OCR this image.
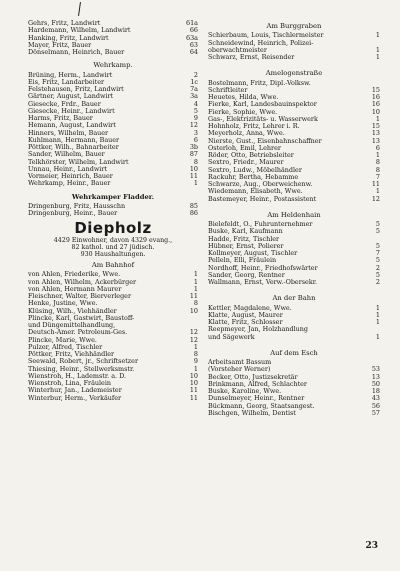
Gehrs, Fritz, Landwirt	61a
Hardemann, Wilhelm, Landwirt	66
Hanking, Fritz, Landwirt	63a
Mayer, Fritz, Bauer	63
Dönselmann, Heinrich, Bauer	64
Wehrkamp.
Brüning, Herm., Landwirt	2
Eis, Fritz, Landarbeiter	1c
Felstehausen, Fritz, Landwirt	7a
Gärtner, August, Landwirt	3a
Giesecke, Frdr., Bauer	4
Giesecke, Heinr., Landwirt	5
Harms, Fritz, Bauer	9
Hemann, August, Landwirt	12
Hinners, Wilhelm, Bauer	3
Kuhlmann, Hermann, Bauer	6
Pöttker, Wilh., Bahnarbeiter	3b
Sander, Wilhelm, Bauer	87
Telkhörster, Wilhelm, Landwirt	8
Unnau, Heinr., Landwirt	10
Vormeier, Heinrich, Bauer	11
Wehrkamp, Heinr., Bauer	1
Wehrkamper Fladder.
Dringenburg, Fritz, Hausschn	85
Dringenburg, Heinr., Bauer	86
Diepholz
4429 Einwohner, davon 4329 evang.,
82 kathol. und 27 jüdisch.
930 Haushaltungen.
Am Bahnhof
von Ahlen, Friederike, Wwe.	1
von Ahlen, Wilhelm, Ackerbürger	1
von Ahlen, Hermann Maurer	1
Fleischner, Walter, Bierverleger	11
Henke, Justine, Wwe.	8
Klüsing, Wilh., Viehhändler	10
Plincke, Karl, Gastwirt, Baustoff-
und Düngemittelhandlung,
Deutsch-Amer. Petroleum-Ges.	12
Plincke, Marie, Wwe.	12
Pulzer, Alfred, Tischler	1
Pöttker, Fritz, Viehhändler	8
Seewald, Robert, jr., Schriftsetzer	9
Thiesing, Heinr., Stellwerksmstr.	1
Wienstroh, H., Lademstr. a. D.	10
Wienstroh, Lina, Fräulein	10
Winterhur, Jan., Lademeister	11
Winterbur, Herm., Verkäufer	11
Am Burggraben
Schierbaum, Louis, Tischlermeister	1
Schneidewind, Heinrich, Polizei-
oberwachtmeister	1
Schwarz, Ernst, Reisender	1
Amelogenstraße
Bostelmann, Fritz, Dipl.-Volksw.
Schriftleiter	15
Heuetes, Hilda, Wwe.	16
Fierke, Karl, Landesbauinspektor	16
Fierke, Sophie, Wwe.	10
Gas-, Elektrizitäts- u. Wasserwerk	1
Hohnholz, Fritz, Lehrer i. R.	15
Meyerholz, Anna, Wwe.	13
Nierste, Gust., Eisenbahnschaffner	13
Osterloh, Emil, Lehrer	6
Röder, Otto, Betriebsleiter	1
Sextro, Friedr., Maurer	8
Sextro, Ludw., Möbelhändler	8
Rackuhr, Bertha, Hebamme	7
Schwarze, Aug., Oberweichenw.	11
Wiedemann, Elisabeth, Wwe.	1
Bastemeyer, Heinr., Postassistent	12
Am Heldenhain
Bielefeldt, O., Fuhrunternehmer	5
Buske, Karl, Kaufmann	5
Hadde, Fritz, Tischler
Hübner, Ernst, Polierer	5
Kollmeyer, August, Tischler	7
Pelleln, Elli, Fräulein	5
Nordhoff, Heinr., Friedhofswärter	2
Sander, Georg, Rentner	5
Wallmann, Ernst, Verw.-Obersekr.	2
An der Bahn
Kettler, Magdalene, Wwe.	1
Klatte, August, Maurer	1
Klatte, Fritz, Schlosser	1
Reepmeyer, Jan, Holzhandlung
und Sägewerk	1
Auf dem Esch
Arbeitsamt Bassum
(Vorsteher Werner)	53
Becker, Otto, Justizsekretär	13
Brinkmann, Alfred, Schlachter	50
Buske, Karoline, Wwe.	18
Dunselmeyer, Heinr., Rentner	43
Bückmann, Georg, Staatsangest.	56
Bischgen, Wilhelm, Dentist	57
23
